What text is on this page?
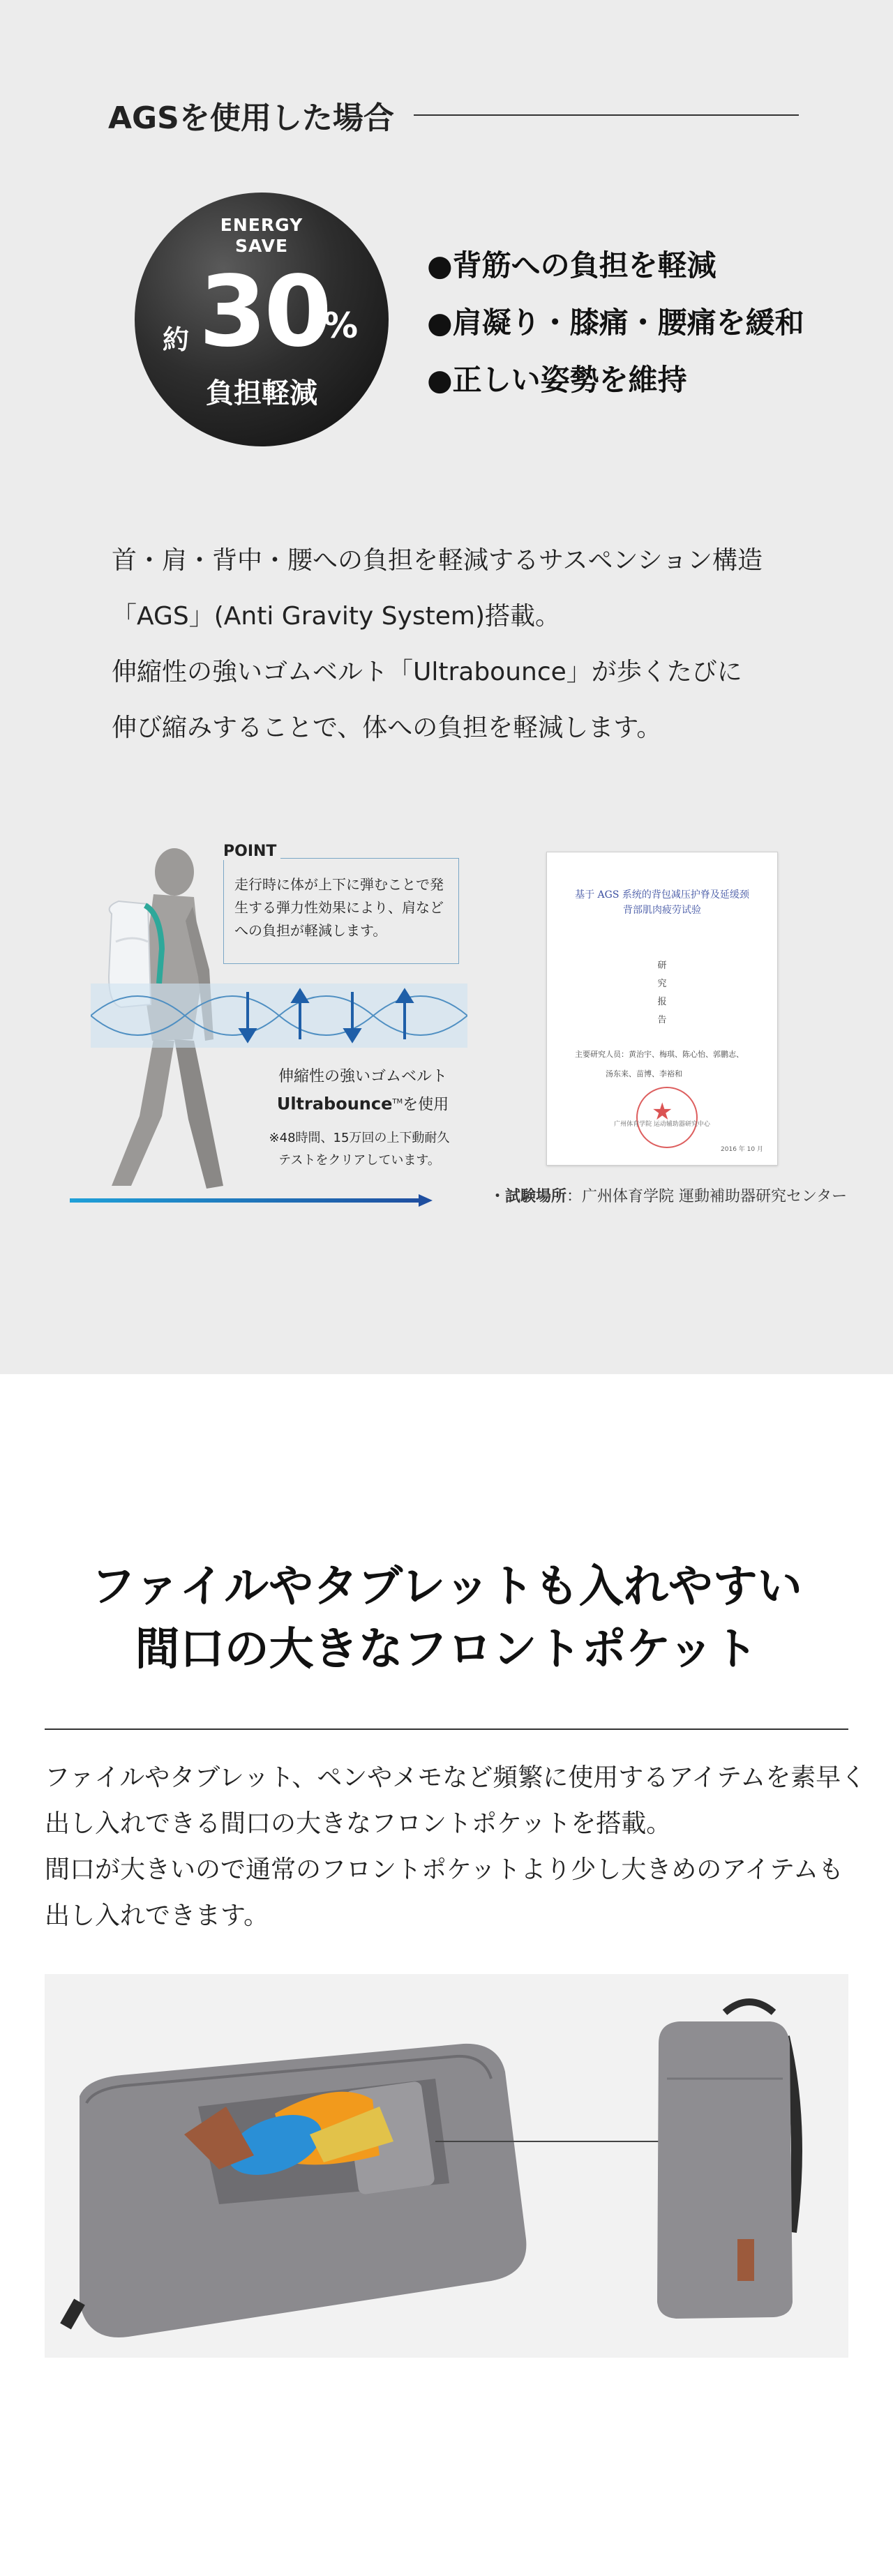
AGSを使用した場合
ENERGY
SAVE
約 30
%
負担軽減
●背筋への負担を軽減
●肩凝り・膝痛・腰痛を緩和
●正しい姿勢を維持

首・肩・背中・腰への負担を軽減するサスペンション構造

「AGS」(Anti Gravity System)搭載。

伸縮性の強いゴムベルト「Ultrabounce」が歩くたびに

伸び縮みすることで、体への負担を軽減します。

POINT
走行時に体が上下に弾むことで発生する弾力性効果により、肩などへの負担が軽減します。
伸縮性の強いゴムベルト
Ultrabounce™を使用
※48時間、15万回の上下動耐久
テストをクリアしています。
基于 AGS 系统的背包减压护脊及延缓颈
背部肌肉疲劳试验
研
究
报
告
主要研究人员：黄治宇、梅琪、陈心怡、郭鹏志、
汤东来、苗博、李裕和
★
广州体育学院 运动辅助器研究中心
2016 年 10 月
・試験場所：广州体育学院 運動補助器研究センター
ファイルやタブレットも入れやすい
間口の大きなフロントポケット

ファイルやタブレット、ペンやメモなど頻繁に使用するアイテムを素早く

出し入れできる間口の大きなフロントポケットを搭載。

間口が大きいので通常のフロントポケットより少し大きめのアイテムも

出し入れできます。
